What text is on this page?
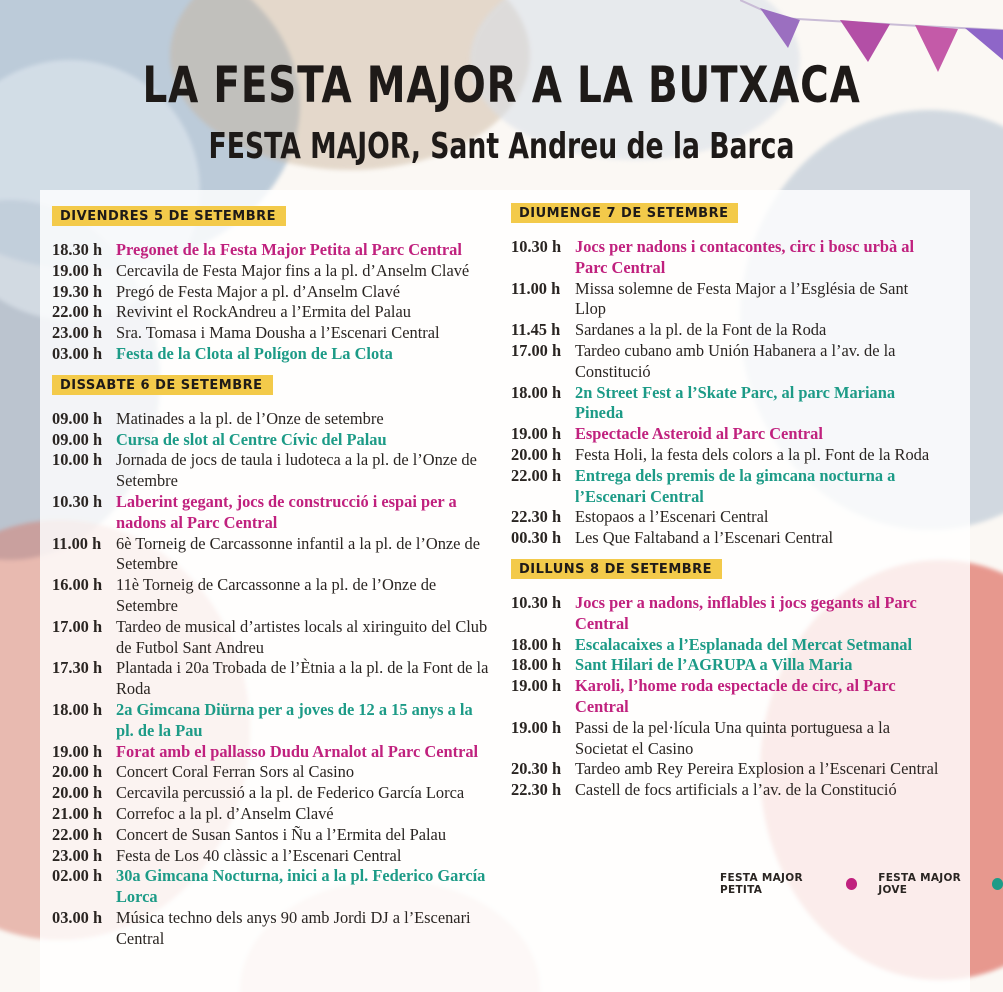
LA FESTA MAJOR A LA BUTXACA
FESTA MAJOR, Sant Andreu de la Barca
DIVENDRES 5 DE SETEMBRE
18.30 h Pregonet de la Festa Major Petita al Parc Central
19.00 h Cercavila de Festa Major fins a la pl. d’Anselm Clavé
19.30 h Pregó de Festa Major a pl. d’Anselm Clavé
22.00 h Revivint el RockAndreu a l’Ermita del Palau
23.00 h Sra. Tomasa i Mama Dousha a l’Escenari Central
03.00 h Festa de la Clota al Polígon de La Clota
DISSABTE 6 DE SETEMBRE
09.00 h Matinades a la pl. de l’Onze de setembre
09.00 h Cursa de slot al Centre Cívic del Palau
10.00 h Jornada de jocs de taula i ludoteca a la pl. de l’Onze de Setembre
10.30 h Laberint gegant, jocs de construcció i espai per a nadons al Parc Central
11.00 h 6è Torneig de Carcassonne infantil a la pl. de l’Onze de Setembre
16.00 h 11è Torneig de Carcassonne a la pl. de l’Onze de Setembre
17.00 h Tardeo de musical d’artistes locals al xiringuito del Club de Futbol Sant Andreu
17.30 h Plantada i 20a Trobada de l’Ètnia a la pl. de la Font de la Roda
18.00 h 2a Gimcana Diürna per a joves de 12 a 15 anys a la pl. de la Pau
19.00 h Forat amb el pallasso Dudu Arnalot al Parc Central
20.00 h Concert Coral Ferran Sors al Casino
20.00 h Cercavila percussió a la pl. de Federico García Lorca
21.00 h Correfoc a la pl. d’Anselm Clavé
22.00 h Concert de Susan Santos i Ñu a l’Ermita del Palau
23.00 h Festa de Los 40 clàssic a l’Escenari Central
02.00 h 30a Gimcana Nocturna, inici a la pl. Federico García Lorca
03.00 h Música techno dels anys 90 amb Jordi DJ a l’Escenari Central
DIUMENGE 7 DE SETEMBRE
10.30 h Jocs per nadons i contacontes, circ i bosc urbà al Parc Central
11.00 h Missa solemne de Festa Major a l’Església de Sant Llop
11.45 h Sardanes a la pl. de la Font de la Roda
17.00 h Tardeo cubano amb Unión Habanera a l’av. de la Constitució
18.00 h 2n Street Fest a l’Skate Parc, al parc Mariana Pineda
19.00 h Espectacle Asteroid al Parc Central
20.00 h Festa Holi, la festa dels colors a la pl. Font de la Roda
22.00 h Entrega dels premis de la gimcana nocturna a l’Escenari Central
22.30 h Estopaos a l’Escenari Central
00.30 h Les Que Faltaband a l’Escenari Central
DILLUNS 8 DE SETEMBRE
10.30 h Jocs per a nadons, inflables i jocs gegants al Parc Central
18.00 h Escalacaixes a l’Esplanada del Mercat Setmanal
18.00 h Sant Hilari de l’AGRUPA a Villa Maria
19.00 h Karoli, l’home roda espectacle de circ, al Parc Central
19.00 h Passi de la pel·lícula Una quinta portuguesa a la Societat el Casino
20.30 h Tardeo amb Rey Pereira Explosion a l’Escenari Central
22.30 h Castell de focs artificials a l’av. de la Constitució
FESTA MAJOR PETITA
FESTA MAJOR JOVE
